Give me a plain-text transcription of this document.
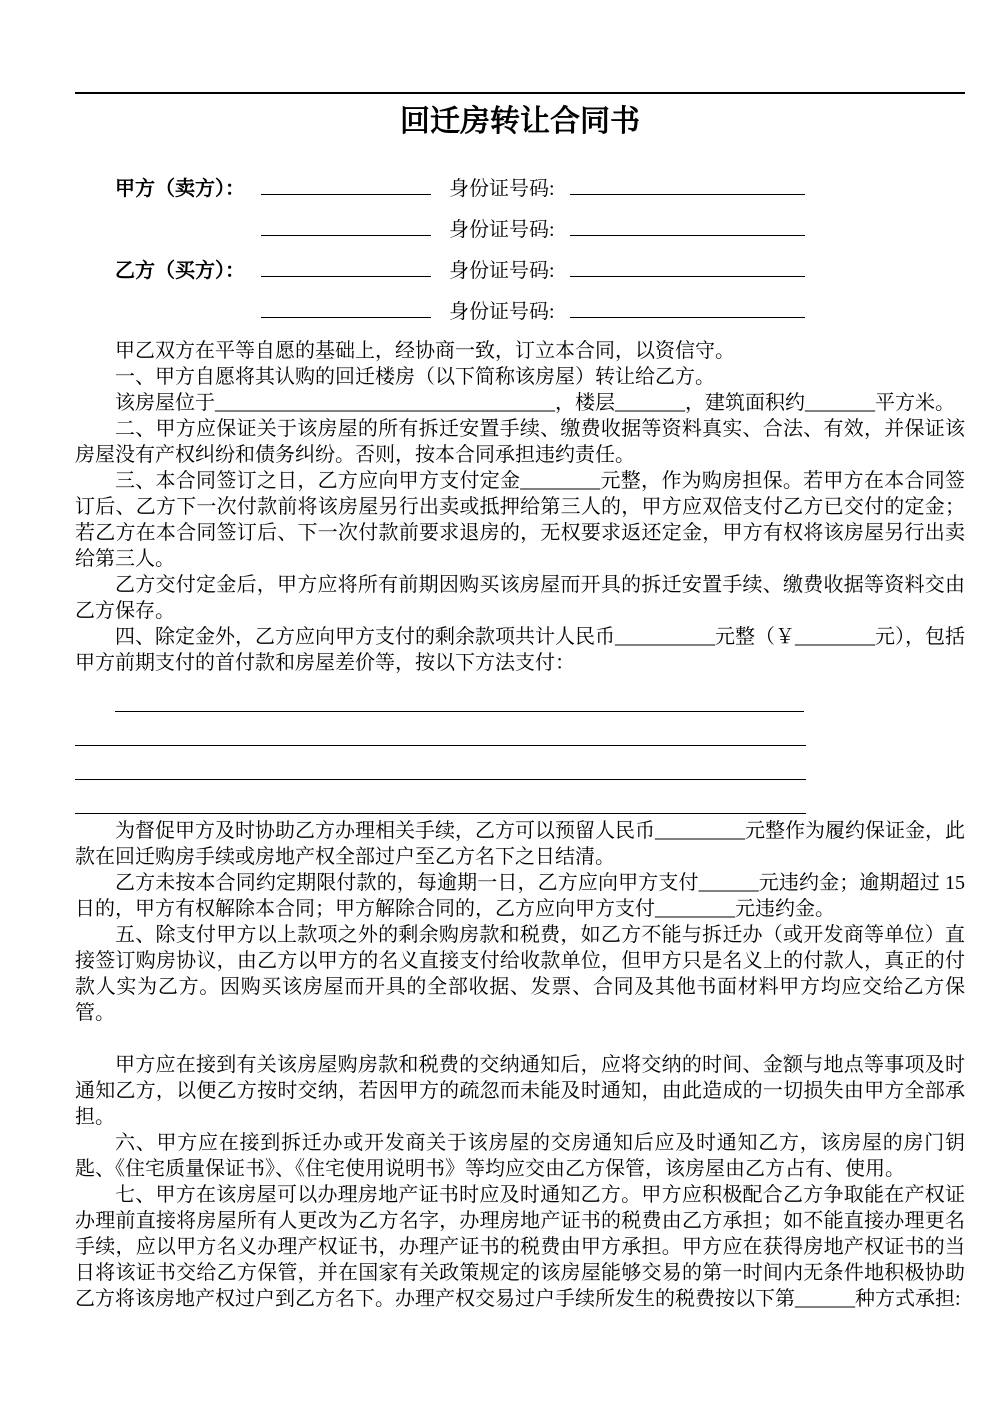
回迁房转让合同书
甲方（卖方）：	身份证号码:
身份证号码:
乙方（买方）：	身份证号码:
身份证号码:

甲乙双方在平等自愿的基础上，经协商一致，订立本合同，以资信守。

一、甲方自愿将其认购的回迁楼房（以下简称该房屋）转让给乙方。

该房屋位于__________________________________，楼层_______，建筑面积约_______平方米。

二、甲方应保证关于该房屋的所有拆迁安置手续、缴费收据等资料真实、合法、有效，并保证该房屋没有产权纠纷和债务纠纷。否则，按本合同承担违约责任。

三、本合同签订之日，乙方应向甲方支付定金________元整，作为购房担保。若甲方在本合同签订后、乙方下一次付款前将该房屋另行出卖或抵押给第三人的，甲方应双倍支付乙方已交付的定金；若乙方在本合同签订后、下一次付款前要求退房的，无权要求返还定金，甲方有权将该房屋另行出卖给第三人。

乙方交付定金后，甲方应将所有前期因购买该房屋而开具的拆迁安置手续、缴费收据等资料交由乙方保存。

四、除定金外，乙方应向甲方支付的剩余款项共计人民币__________元整（￥________元），包括甲方前期支付的首付款和房屋差价等，按以下方法支付：

为督促甲方及时协助乙方办理相关手续，乙方可以预留人民币_________元整作为履约保证金，此款在回迁购房手续或房地产权全部过户至乙方名下之日结清。

乙方未按本合同约定期限付款的，每逾期一日，乙方应向甲方支付______元违约金；逾期超过 15 日的，甲方有权解除本合同；甲方解除合同的，乙方应向甲方支付________元违约金。

五、除支付甲方以上款项之外的剩余购房款和税费，如乙方不能与拆迁办（或开发商等单位）直接签订购房协议，由乙方以甲方的名义直接支付给收款单位，但甲方只是名义上的付款人，真正的付款人实为乙方。因购买该房屋而开具的全部收据、发票、合同及其他书面材料甲方均应交给乙方保管。

甲方应在接到有关该房屋购房款和税费的交纳通知后，应将交纳的时间、金额与地点等事项及时通知乙方，以便乙方按时交纳，若因甲方的疏忽而未能及时通知，由此造成的一切损失由甲方全部承担。

六、甲方应在接到拆迁办或开发商关于该房屋的交房通知后应及时通知乙方，该房屋的房门钥匙、《住宅质量保证书》、《住宅使用说明书》等均应交由乙方保管，该房屋由乙方占有、使用。

七、甲方在该房屋可以办理房地产证书时应及时通知乙方。甲方应积极配合乙方争取能在产权证办理前直接将房屋所有人更改为乙方名字，办理房地产证书的税费由乙方承担；如不能直接办理更名手续，应以甲方名义办理产权证书，办理产证书的税费由甲方承担。甲方应在获得房地产权证书的当日将该证书交给乙方保管，并在国家有关政策规定的该房屋能够交易的第一时间内无条件地积极协助乙方将该房地产权过户到乙方名下。办理产权交易过户手续所发生的税费按以下第______种方式承担:
